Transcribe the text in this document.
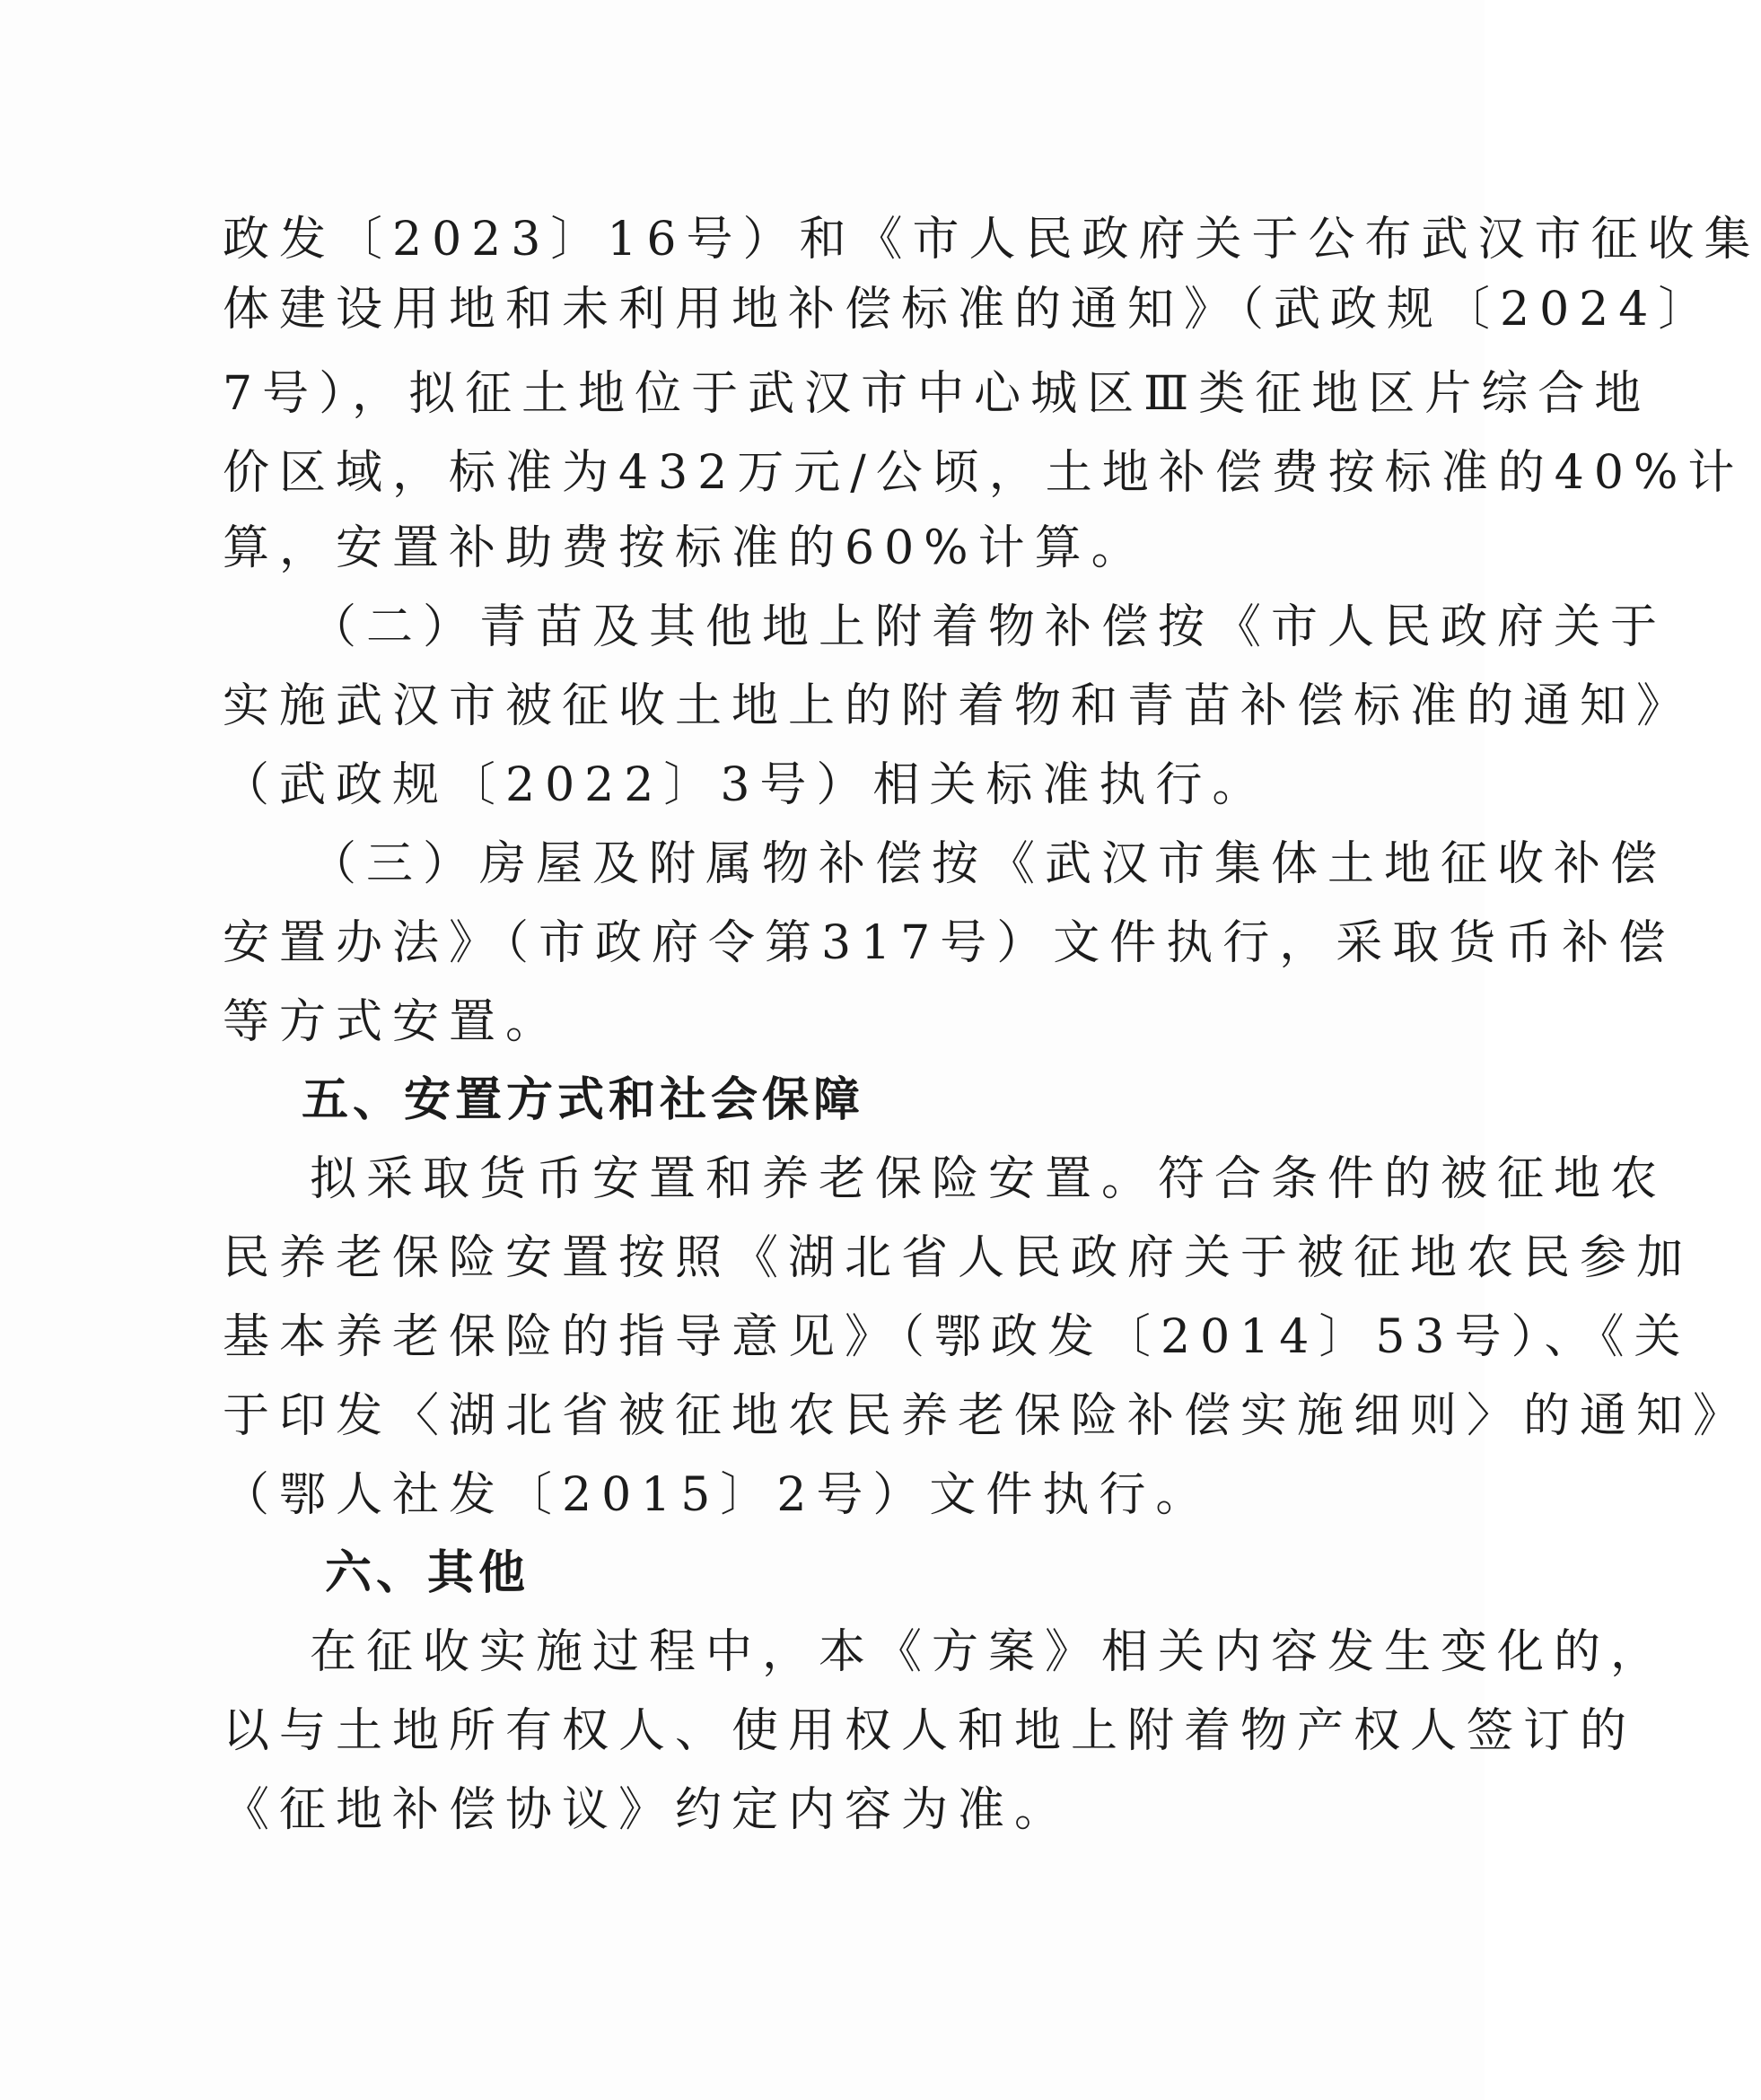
政发〔2023〕16号）和《市人民政府关于公布武汉市征收集
体建设用地和未利用地补偿标准的通知》（武政规〔2024〕
7号），拟征土地位于武汉市中心城区Ⅲ类征地区片综合地
价区域，标准为432万元/公顷，土地补偿费按标准的40%计
算，安置补助费按标准的60%计算。
（二）青苗及其他地上附着物补偿按《市人民政府关于
实施武汉市被征收土地上的附着物和青苗补偿标准的通知》
（武政规〔2022〕3号）相关标准执行。
（三）房屋及附属物补偿按《武汉市集体土地征收补偿
安置办法》（市政府令第317号）文件执行，采取货币补偿
等方式安置。
五、安置方式和社会保障
拟采取货币安置和养老保险安置。符合条件的被征地农
民养老保险安置按照《湖北省人民政府关于被征地农民参加
基本养老保险的指导意见》（鄂政发〔2014〕53号）、《关
于印发〈湖北省被征地农民养老保险补偿实施细则〉的通知》
（鄂人社发〔2015〕2号）文件执行。
六、其他
在征收实施过程中，本《方案》相关内容发生变化的，
以与土地所有权人、使用权人和地上附着物产权人签订的
《征地补偿协议》约定内容为准。
